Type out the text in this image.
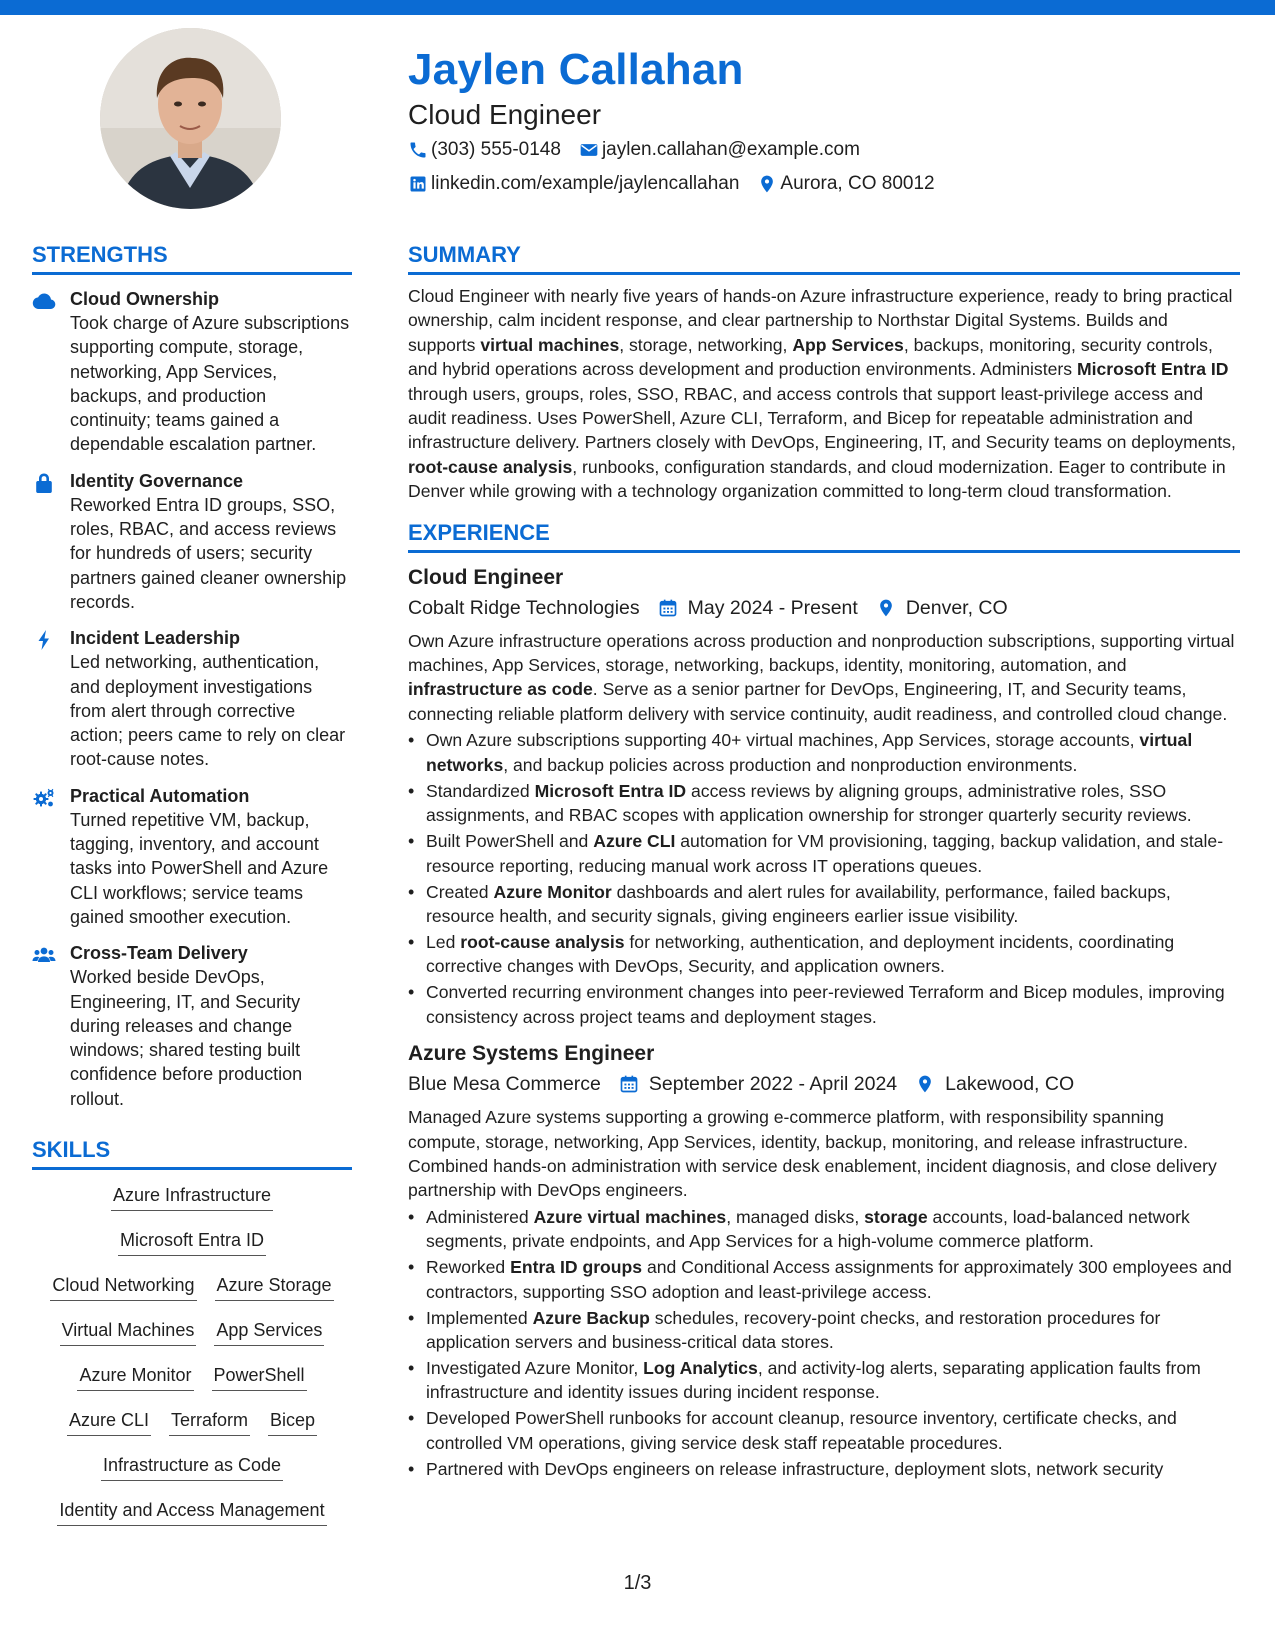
Jaylen Callahan
Cloud Engineer
(303) 555-0148 jaylen.callahan@example.com
linkedin.com/example/jaylencallahan Aurora, CO 80012
STRENGTHS
Cloud Ownership
Took charge of Azure subscriptions supporting compute, storage, networking, App Services, backups, and production continuity; teams gained a dependable escalation partner.
Identity Governance
Reworked Entra ID groups, SSO, roles, RBAC, and access reviews for hundreds of users; security partners gained cleaner ownership records.
Incident Leadership
Led networking, authentication, and deployment investigations from alert through corrective action; peers came to rely on clear root-cause notes.
Practical Automation
Turned repetitive VM, backup, tagging, inventory, and account tasks into PowerShell and Azure CLI workflows; service teams gained smoother execution.
Cross-Team Delivery
Worked beside DevOps, Engineering, IT, and Security during releases and change windows; shared testing built confidence before production rollout.
SKILLS
Azure Infrastructure
Microsoft Entra ID
Cloud Networking Azure Storage
Virtual Machines App Services
Azure Monitor PowerShell
Azure CLI Terraform Bicep
Infrastructure as Code
Identity and Access Management
SUMMARY

Cloud Engineer with nearly five years of hands-on Azure infrastructure experience, ready to bring practical ownership, calm incident response, and clear partnership to Northstar Digital Systems. Builds and supports virtual machines, storage, networking, App Services, backups, monitoring, security controls, and hybrid operations across development and production environments. Administers Microsoft Entra ID through users, groups, roles, SSO, RBAC, and access controls that support least-privilege access and audit readiness. Uses PowerShell, Azure CLI, Terraform, and Bicep for repeatable administration and infrastructure delivery. Partners closely with DevOps, Engineering, IT, and Security teams on deployments, root-cause analysis, runbooks, configuration standards, and cloud modernization. Eager to contribute in Denver while growing with a technology organization committed to long-term cloud transformation.

EXPERIENCE
Cloud Engineer
Cobalt Ridge Technologies May 2024 - Present Denver, CO

Own Azure infrastructure operations across production and nonproduction subscriptions, supporting virtual machines, App Services, storage, networking, backups, identity, monitoring, automation, and infrastructure as code. Serve as a senior partner for DevOps, Engineering, IT, and Security teams, connecting reliable platform delivery with service continuity, audit readiness, and controlled cloud change.

• Own Azure subscriptions supporting 40+ virtual machines, App Services, storage accounts, virtual networks, and backup policies across production and nonproduction environments.
• Standardized Microsoft Entra ID access reviews by aligning groups, administrative roles, SSO assignments, and RBAC scopes with application ownership for stronger quarterly security reviews.
• Built PowerShell and Azure CLI automation for VM provisioning, tagging, backup validation, and stale-resource reporting, reducing manual work across IT operations queues.
• Created Azure Monitor dashboards and alert rules for availability, performance, failed backups, resource health, and security signals, giving engineers earlier issue visibility.
• Led root-cause analysis for networking, authentication, and deployment incidents, coordinating corrective changes with DevOps, Security, and application owners.
• Converted recurring environment changes into peer-reviewed Terraform and Bicep modules, improving consistency across project teams and deployment stages.
Azure Systems Engineer
Blue Mesa Commerce September 2022 - April 2024 Lakewood, CO

Managed Azure systems supporting a growing e-commerce platform, with responsibility spanning compute, storage, networking, App Services, identity, backup, monitoring, and release infrastructure. Combined hands-on administration with service desk enablement, incident diagnosis, and close delivery partnership with DevOps engineers.

• Administered Azure virtual machines, managed disks, storage accounts, load-balanced network segments, private endpoints, and App Services for a high-volume commerce platform.
• Reworked Entra ID groups and Conditional Access assignments for approximately 300 employees and contractors, supporting SSO adoption and least-privilege access.
• Implemented Azure Backup schedules, recovery-point checks, and restoration procedures for application servers and business-critical data stores.
• Investigated Azure Monitor, Log Analytics, and activity-log alerts, separating application faults from infrastructure and identity issues during incident response.
• Developed PowerShell runbooks for account cleanup, resource inventory, certificate checks, and controlled VM operations, giving service desk staff repeatable procedures.
• Partnered with DevOps engineers on release infrastructure, deployment slots, network security
1/3
